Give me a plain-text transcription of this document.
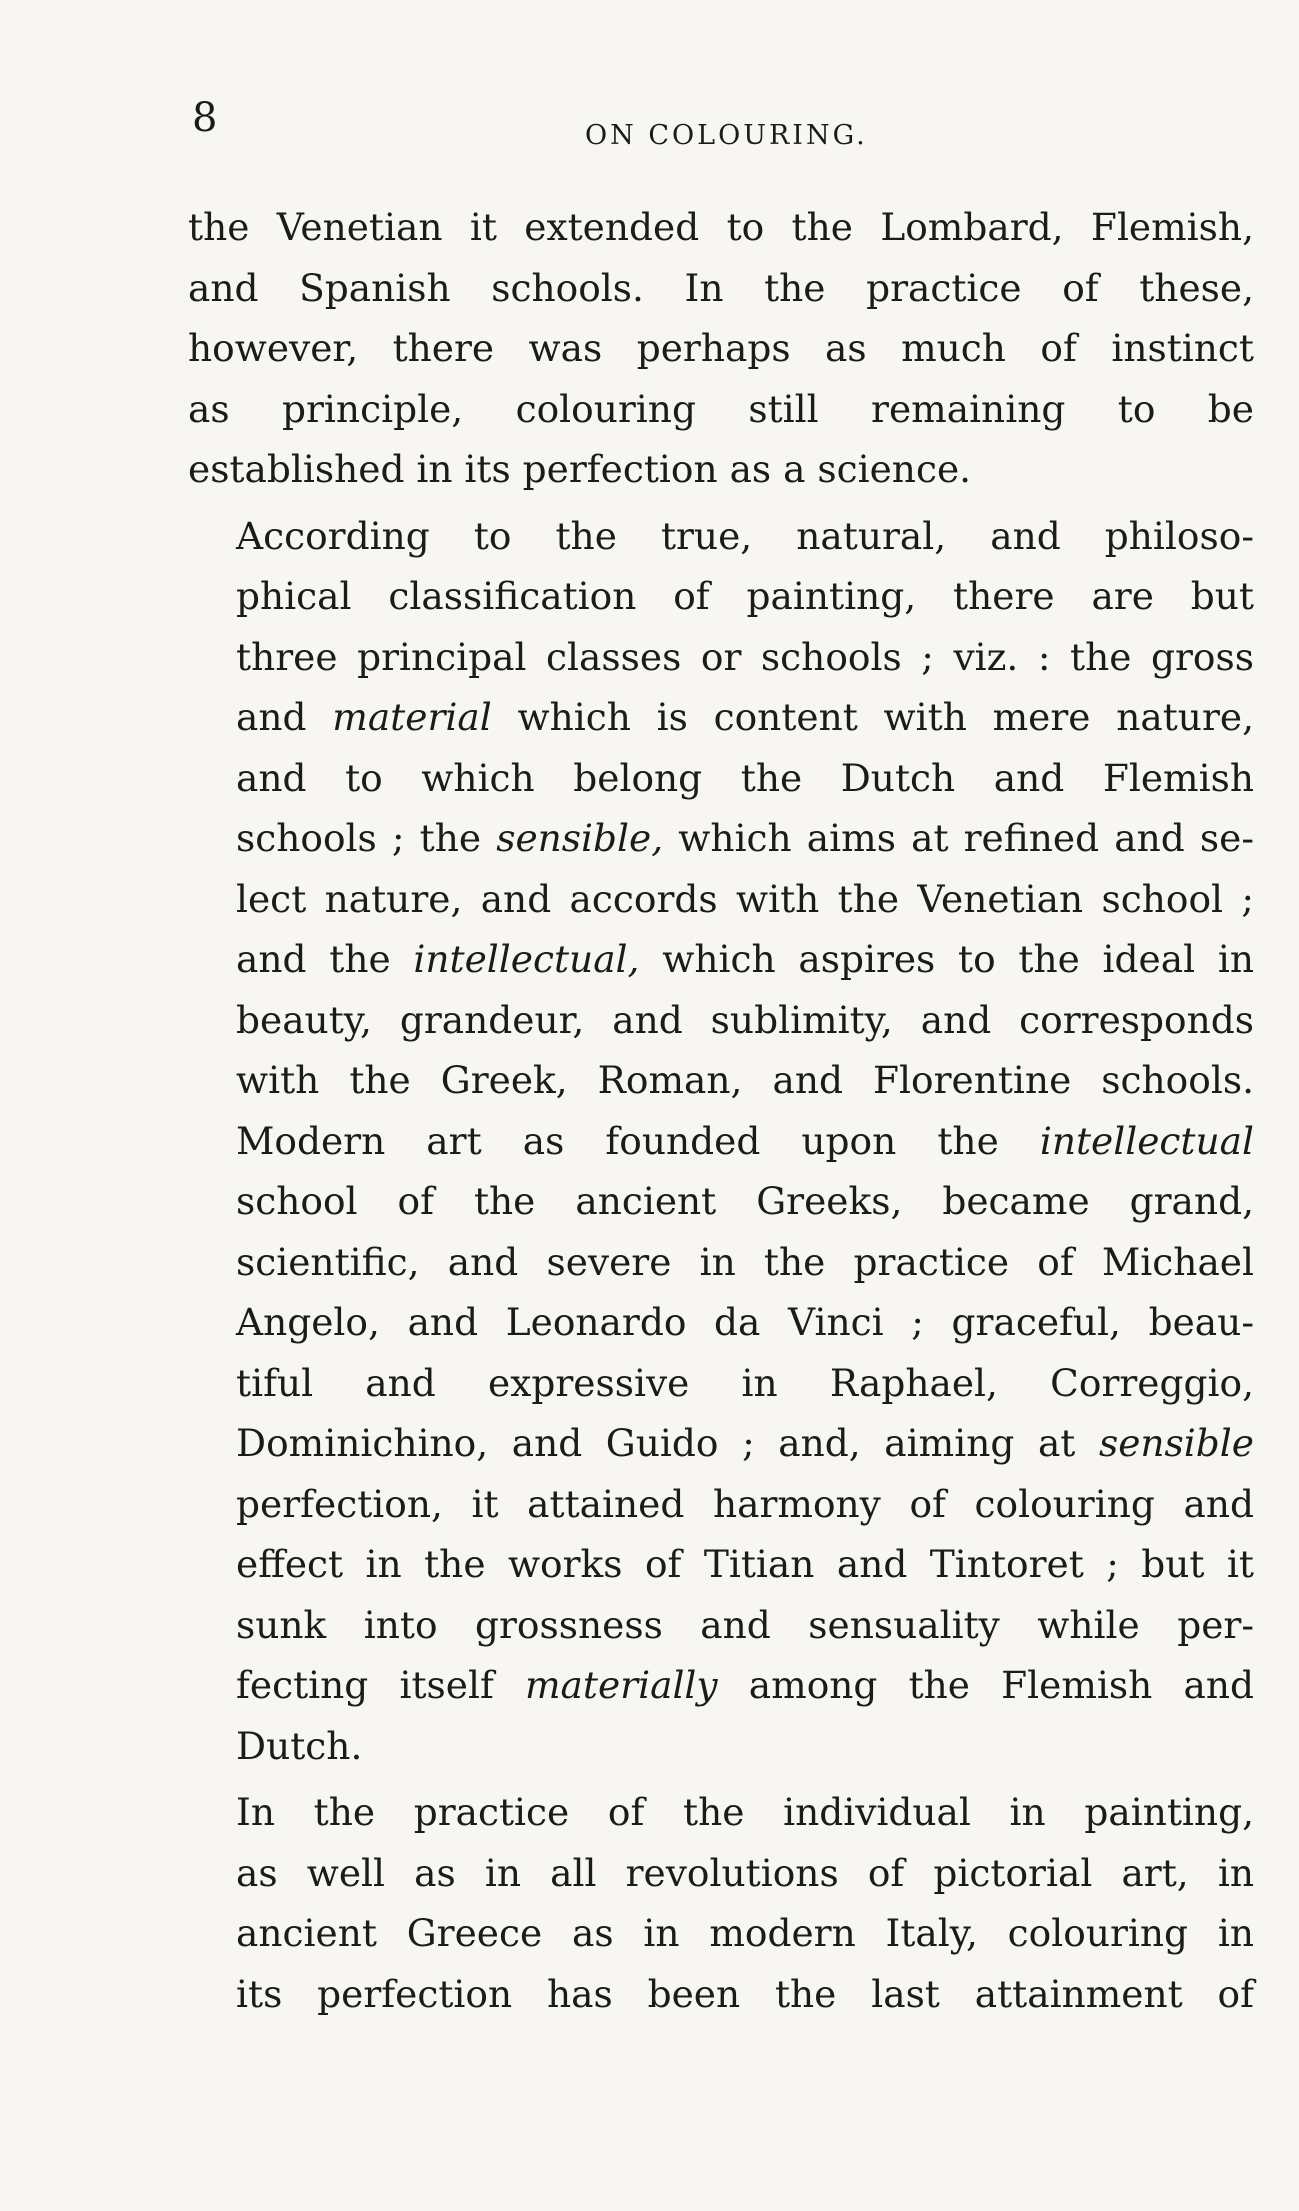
8	ON COLOURING.

the Venetian it extended to the Lombard, Flemish,
and Spanish schools. In the practice of these,
however, there was perhaps as much of instinct
as principle, colouring still remaining to be
established in its perfection as a science.

According to the true, natural, and philoso-
phical classification of painting, there are but
three principal classes or schools ; viz. : the gross
and material which is content with mere nature,
and to which belong the Dutch and Flemish
schools ; the sensible, which aims at refined and se-
lect nature, and accords with the Venetian school ;
and the intellectual, which aspires to the ideal in
beauty, grandeur, and sublimity, and corresponds
with the Greek, Roman, and Florentine schools.
Modern art as founded upon the intellectual
school of the ancient Greeks, became grand,
scientific, and severe in the practice of Michael
Angelo, and Leonardo da Vinci ; graceful, beau-
tiful and expressive in Raphael, Correggio,
Dominichino, and Guido ; and, aiming at sensible
perfection, it attained harmony of colouring and
effect in the works of Titian and Tintoret ; but it
sunk into grossness and sensuality while per-
fecting itself materially among the Flemish and
Dutch.

In the practice of the individual in painting,
as well as in all revolutions of pictorial art, in
ancient Greece as in modern Italy, colouring in
its perfection has been the last attainment of
